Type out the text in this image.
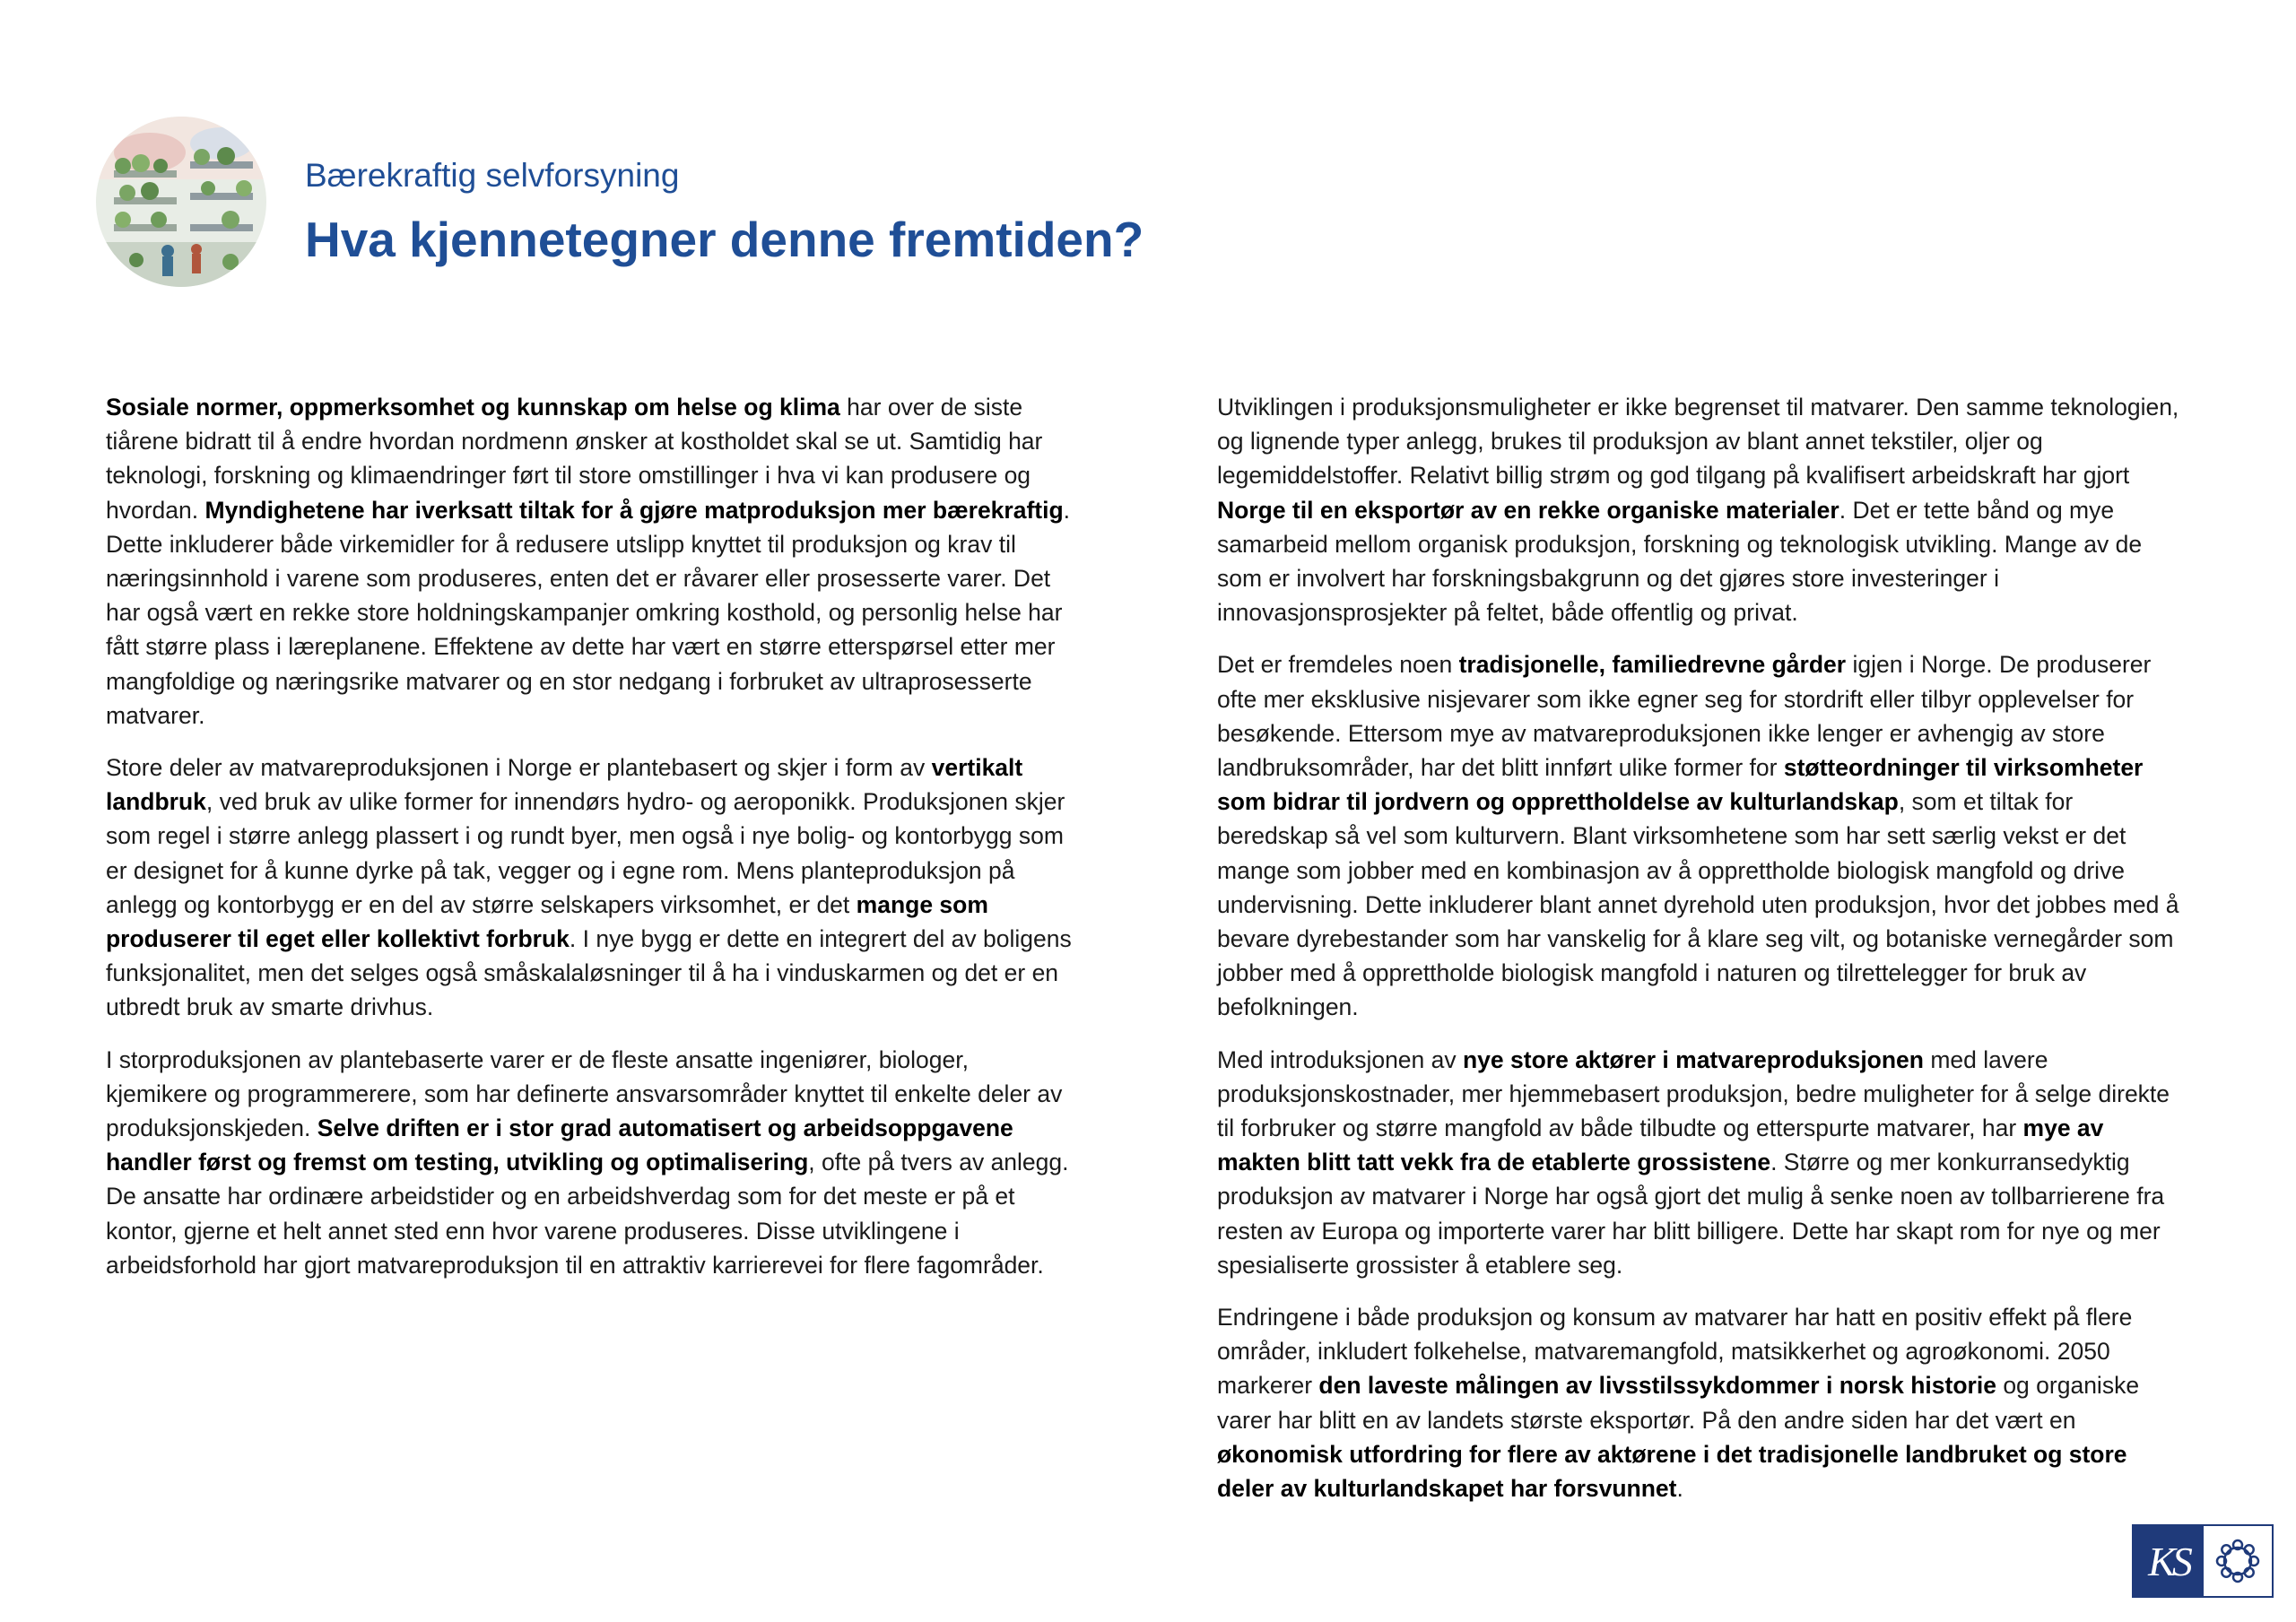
Bærekraftig selvforsyning
Hva kjennetegner denne fremtiden?

Sosiale normer, oppmerksomhet og kunnskap om helse og klima har over de siste tiårene bidratt til å endre hvordan nordmenn ønsker at kostholdet skal se ut. Samtidig har teknologi, forskning og klimaendringer ført til store omstillinger i hva vi kan produsere og hvordan. Myndighetene har iverksatt tiltak for å gjøre matproduksjon mer bærekraftig. Dette inkluderer både virkemidler for å redusere utslipp knyttet til produksjon og krav til næringsinnhold i varene som produseres, enten det er råvarer eller prosesserte varer. Det har også vært en rekke store holdningskampanjer omkring kosthold, og personlig helse har fått større plass i læreplanene. Effektene av dette har vært en større etterspørsel etter mer mangfoldige og næringsrike matvarer og en stor nedgang i forbruket av ultraprosesserte matvarer.

Store deler av matvareproduksjonen i Norge er plantebasert og skjer i form av vertikalt landbruk, ved bruk av ulike former for innendørs hydro- og aeroponikk. Produksjonen skjer som regel i større anlegg plassert i og rundt byer, men også i nye bolig- og kontorbygg som er designet for å kunne dyrke på tak, vegger og i egne rom. Mens planteproduksjon på anlegg og kontorbygg er en del av større selskapers virksomhet, er det mange som produserer til eget eller kollektivt forbruk. I nye bygg er dette en integrert del av boligens funksjonalitet, men det selges også småskalaløsninger til å ha i vinduskarmen og det er en utbredt bruk av smarte drivhus.

I storproduksjonen av plantebaserte varer er de fleste ansatte ingeniører, biologer, kjemikere og programmerere, som har definerte ansvarsområder knyttet til enkelte deler av produksjonskjeden. Selve driften er i stor grad automatisert og arbeidsoppgavene handler først og fremst om testing, utvikling og optimalisering, ofte på tvers av anlegg. De ansatte har ordinære arbeidstider og en arbeidshverdag som for det meste er på et kontor, gjerne et helt annet sted enn hvor varene produseres. Disse utviklingene i arbeidsforhold har gjort matvareproduksjon til en attraktiv karrierevei for flere fagområder.

Utviklingen i produksjonsmuligheter er ikke begrenset til matvarer. Den samme teknologien, og lignende typer anlegg, brukes til produksjon av blant annet tekstiler, oljer og legemiddelstoffer. Relativt billig strøm og god tilgang på kvalifisert arbeidskraft har gjort Norge til en eksportør av en rekke organiske materialer. Det er tette bånd og mye samarbeid mellom organisk produksjon, forskning og teknologisk utvikling. Mange av de som er involvert har forskningsbakgrunn og det gjøres store investeringer i innovasjonsprosjekter på feltet, både offentlig og privat.

Det er fremdeles noen tradisjonelle, familiedrevne gårder igjen i Norge. De produserer ofte mer eksklusive nisjevarer som ikke egner seg for stordrift eller tilbyr opplevelser for besøkende. Ettersom mye av matvareproduksjonen ikke lenger er avhengig av store landbruksområder, har det blitt innført ulike former for støtteordninger til virksomheter som bidrar til jordvern og opprettholdelse av kulturlandskap, som et tiltak for beredskap så vel som kulturvern. Blant virksomhetene som har sett særlig vekst er det mange som jobber med en kombinasjon av å opprettholde biologisk mangfold og drive undervisning. Dette inkluderer blant annet dyrehold uten produksjon, hvor det jobbes med å bevare dyrebestander som har vanskelig for å klare seg vilt, og botaniske vernegårder som jobber med å opprettholde biologisk mangfold i naturen og tilrettelegger for bruk av befolkningen.

Med introduksjonen av nye store aktører i matvareproduksjonen med lavere produksjonskostnader, mer hjemmebasert produksjon, bedre muligheter for å selge direkte til forbruker og større mangfold av både tilbudte og etterspurte matvarer, har mye av makten blitt tatt vekk fra de etablerte grossistene. Større og mer konkurransedyktig produksjon av matvarer i Norge har også gjort det mulig å senke noen av tollbarrierene fra resten av Europa og importerte varer har blitt billigere. Dette har skapt rom for nye og mer spesialiserte grossister å etablere seg.

Endringene i både produksjon og konsum av matvarer har hatt en positiv effekt på flere områder, inkludert folkehelse, matvaremangfold, matsikkerhet og agroøkonomi. 2050 markerer den laveste målingen av livsstilssykdommer i norsk historie og organiske varer har blitt en av landets største eksportør. På den andre siden har det vært en økonomisk utfordring for flere av aktørene i det tradisjonelle landbruket og store deler av kulturlandskapet har forsvunnet.

KS
